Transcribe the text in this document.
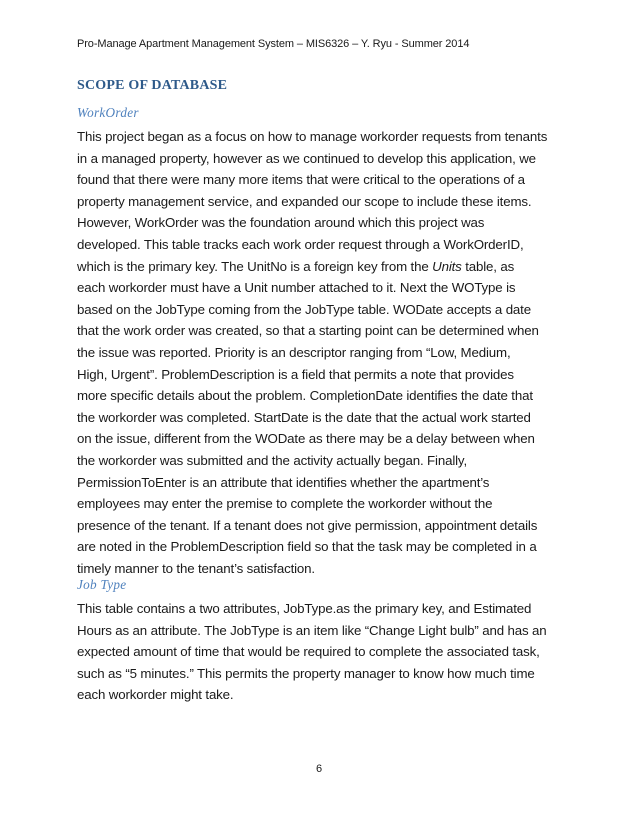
Pro-Manage Apartment Management System – MIS6326 – Y. Ryu - Summer 2014
SCOPE OF DATABASE
WorkOrder
This project began as a focus on how to manage workorder requests from tenants
in a managed property, however as we continued to develop this application, we
found that there were many more items that were critical to the operations of a
property management service, and expanded our scope to include these items.
However, WorkOrder was the foundation around which this project was
developed. This table tracks each work order request through a WorkOrderID,
which is the primary key. The UnitNo is a foreign key from the Units table, as
each workorder must have a Unit number attached to it. Next the WOType is
based on the JobType coming from the JobType table. WODate accepts a date
that the work order was created, so that a starting point can be determined when
the issue was reported. Priority is an descriptor ranging from “Low, Medium,
High, Urgent”. ProblemDescription is a field that permits a note that provides
more specific details about the problem. CompletionDate identifies the date that
the workorder was completed. StartDate is the date that the actual work started
on the issue, different from the WODate as there may be a delay between when
the workorder was submitted and the activity actually began. Finally,
PermissionToEnter is an attribute that identifies whether the apartment’s
employees may enter the premise to complete the workorder without the
presence of the tenant. If a tenant does not give permission, appointment details
are noted in the ProblemDescription field so that the task may be completed in a
timely manner to the tenant’s satisfaction.
Job Type
This table contains a two attributes, JobType.as the primary key, and Estimated
Hours as an attribute. The JobType is an item like “Change Light bulb” and has an
expected amount of time that would be required to complete the associated task,
such as “5 minutes.” This permits the property manager to know how much time
each workorder might take.
6
